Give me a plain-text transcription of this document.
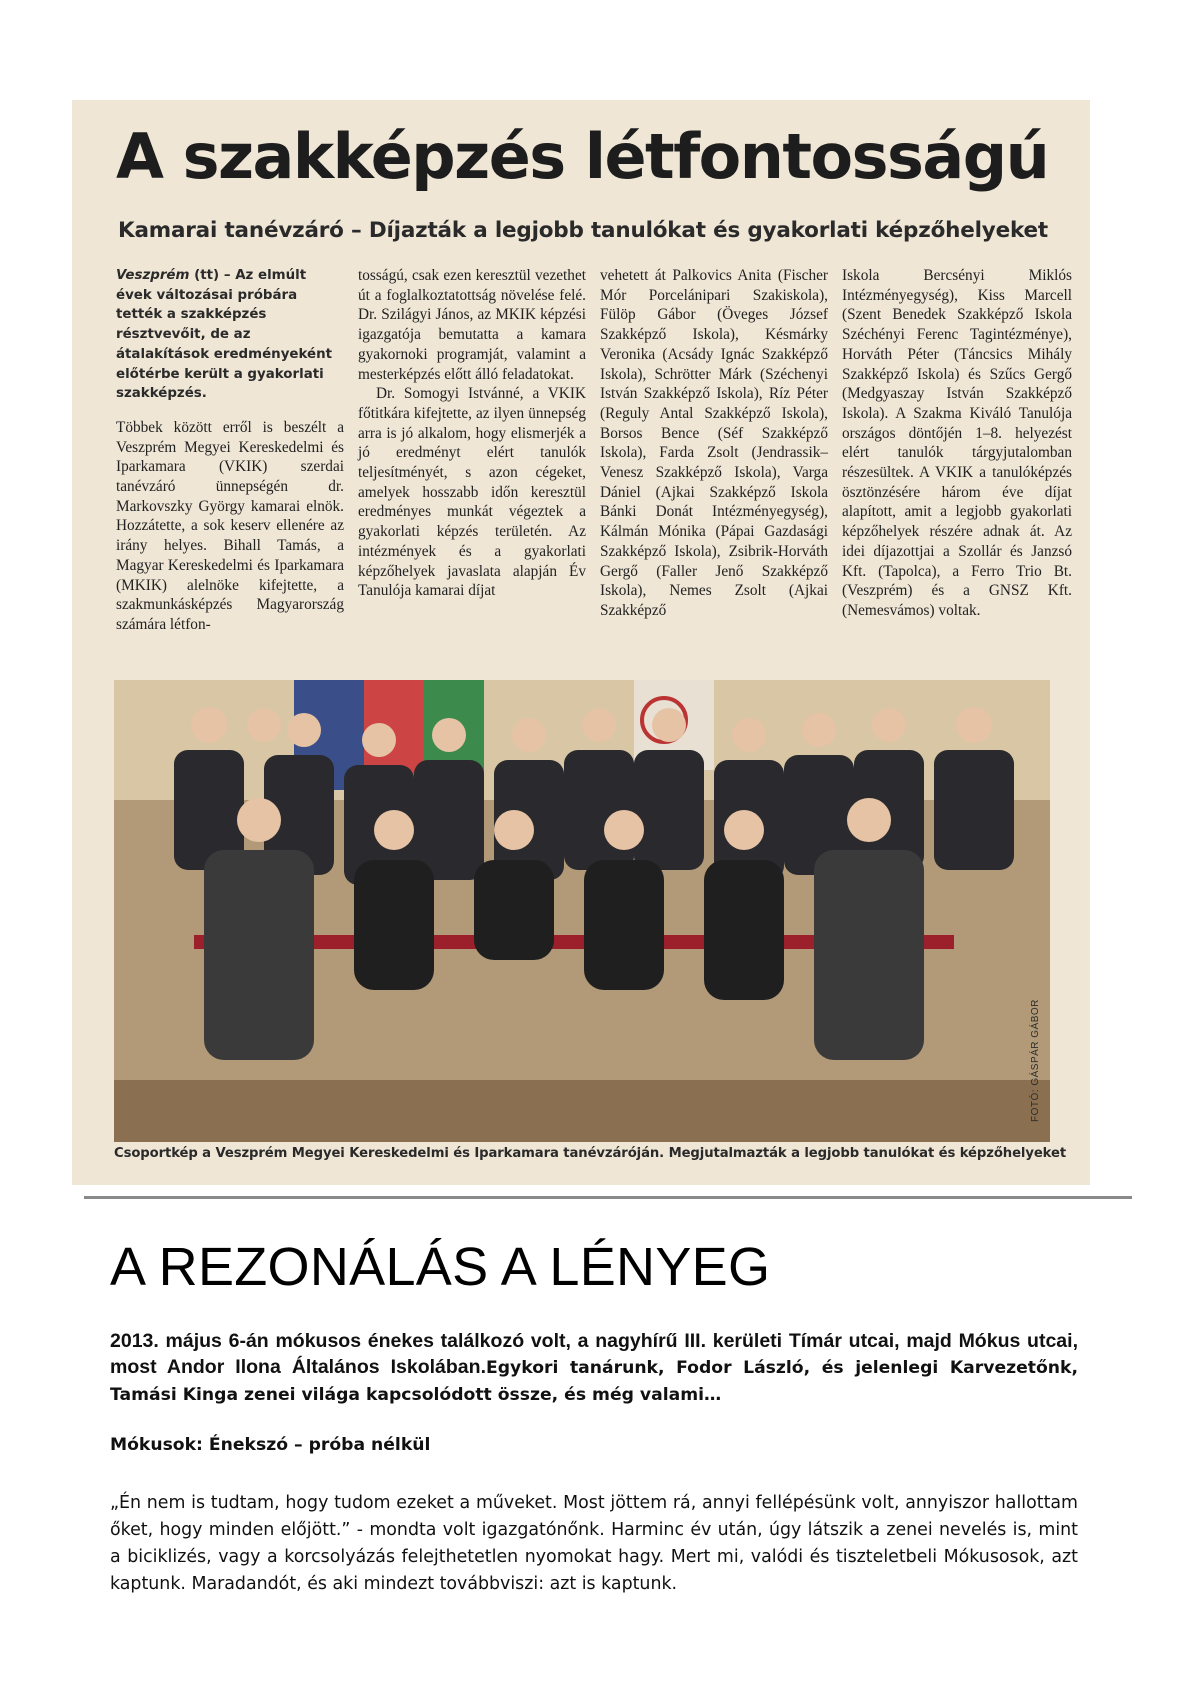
A szakképzés létfontosságú
Kamarai tanévzáró – Díjazták a legjobb tanulókat és gyakorlati képzőhelyeket

Veszprém (tt) – Az elmúlt évek változásai próbára tették a szakképzés résztvevőit, de az átalakítások eredményeként előtérbe került a gyakorlati szakképzés.

Többek között erről is beszélt a Veszprém Megyei Kereskedelmi és Iparkamara (VKIK) szerdai tanévzáró ünnepségén dr. Markovszky György kamarai elnök. Hozzátette, a sok keserv ellenére az irány helyes. Bihall Tamás, a Magyar Kereskedelmi és Iparkamara (MKIK) alelnöke kifejtette, a szakmunkásképzés Magyarország számára létfon-

tosságú, csak ezen keresztül vezethet út a foglalkoztatottság növelése felé. Dr. Szilágyi János, az MKIK képzési igazgatója bemutatta a kamara gyakornoki programját, valamint a mesterképzés előtt álló feladatokat.

Dr. Somogyi Istvánné, a VKIK főtitkára kifejtette, az ilyen ünnepség arra is jó alkalom, hogy elismerjék a jó eredményt elért tanulók teljesítményét, s azon cégeket, amelyek hosszabb időn keresztül eredményes munkát végeztek a gyakorlati képzés területén. Az intézmények és a gyakorlati képzőhelyek javaslata alapján Év Tanulója kamarai díjat

vehetett át Palkovics Anita (Fischer Mór Porcelánipari Szakiskola), Fülöp Gábor (Öveges József Szakképző Iskola), Késmárky Veronika (Acsády Ignác Szakképző Iskola), Schrötter Márk (Széchenyi István Szakképző Iskola), Ríz Péter (Reguly Antal Szakképző Iskola), Borsos Bence (Séf Szakképző Iskola), Farda Zsolt (Jendrassik–Venesz Szakképző Iskola), Varga Dániel (Ajkai Szakképző Iskola Bánki Donát Intézményegység), Kálmán Mónika (Pápai Gazdasági Szakképző Iskola), Zsibrik-Horváth Gergő (Faller Jenő Szakképző Iskola), Nemes Zsolt (Ajkai Szakképző

Iskola Bercsényi Miklós Intézményegység), Kiss Marcell (Szent Benedek Szakképző Iskola Széchényi Ferenc Tagintézménye), Horváth Péter (Táncsics Mihály Szakképző Iskola) és Szűcs Gergő (Medgyaszay István Szakképző Iskola). A Szakma Kiváló Tanulója országos döntőjén 1–8. helyezést elért tanulók tárgyjutalomban részesültek. A VKIK a tanulóképzés ösztönzésére három éve díjat alapított, amit a legjobb gyakorlati képzőhelyek részére adnak át. Az idei díjazottjai a Szollár és Janzsó Kft. (Tapolca), a Ferro Trio Bt. (Veszprém) és a GNSZ Kft. (Nemesvámos) voltak.

FOTÓ: GÁSPÁR GÁBOR
Csoportkép a Veszprém Megyei Kereskedelmi és Iparkamara tanévzáróján. Megjutalmazták a legjobb tanulókat és képzőhelyeket
A REZONÁLÁS A LÉNYEG
2013. május 6-án mókusos énekes találkozó volt, a nagyhírű III. kerületi Tímár utcai, majd Mókus utcai, most Andor Ilona Általános Iskolában.Egykori tanárunk, Fodor László, és jelenlegi Karvezetőnk, Tamási Kinga zenei világa kapcsolódott össze, és még valami…
Mókusok: Énekszó – próba nélkül

„Én nem is tudtam, hogy tudom ezeket a műveket. Most jöttem rá, annyi fellépésünk volt, annyiszor hallottam őket, hogy minden előjött.” - mondta volt igazgatónőnk. Harminc év után, úgy látszik a zenei nevelés is, mint a biciklizés, vagy a korcsolyázás felejthetetlen nyomokat hagy. Mert mi, valódi és tiszteletbeli Mókusosok, azt kaptunk. Maradandót, és aki mindezt továbbviszi: azt is kaptunk.
